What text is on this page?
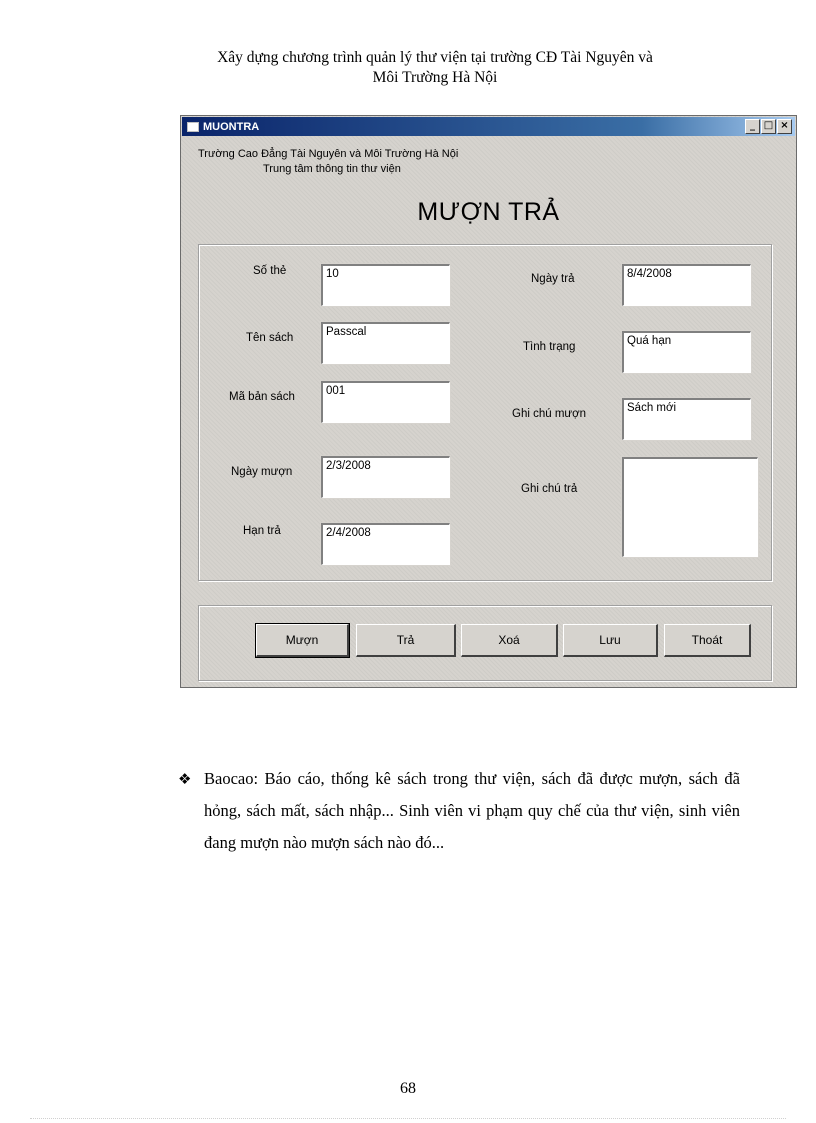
Xây dựng chương trình quản lý thư viện tại trường CĐ Tài Nguyên và
Môi Trường Hà Nội
MUONTRA	_ □ ×
Trường Cao Đẳng Tài Nguyên và Môi Trường Hà Nội
Trung tâm thông tin thư viện
MƯỢN TRẢ
Số thẻ	10
Tên sách	Passcal
Mã bản sách	001
Ngày mượn	2/3/2008
Hạn trả	2/4/2008
Ngày trả	8/4/2008
Tình trạng	Quá hạn
Ghi chú mượn	Sách mới
Ghi chú trả
Mượn	Trả	Xoá	Lưu	Thoát
❖ Baocao: Báo cáo, thống kê sách trong thư viện, sách đã được mượn, sách đã hỏng, sách mất, sách nhập... Sinh viên vi phạm quy chế của thư viện, sinh viên đang mượn nào mượn sách nào đó...
68
